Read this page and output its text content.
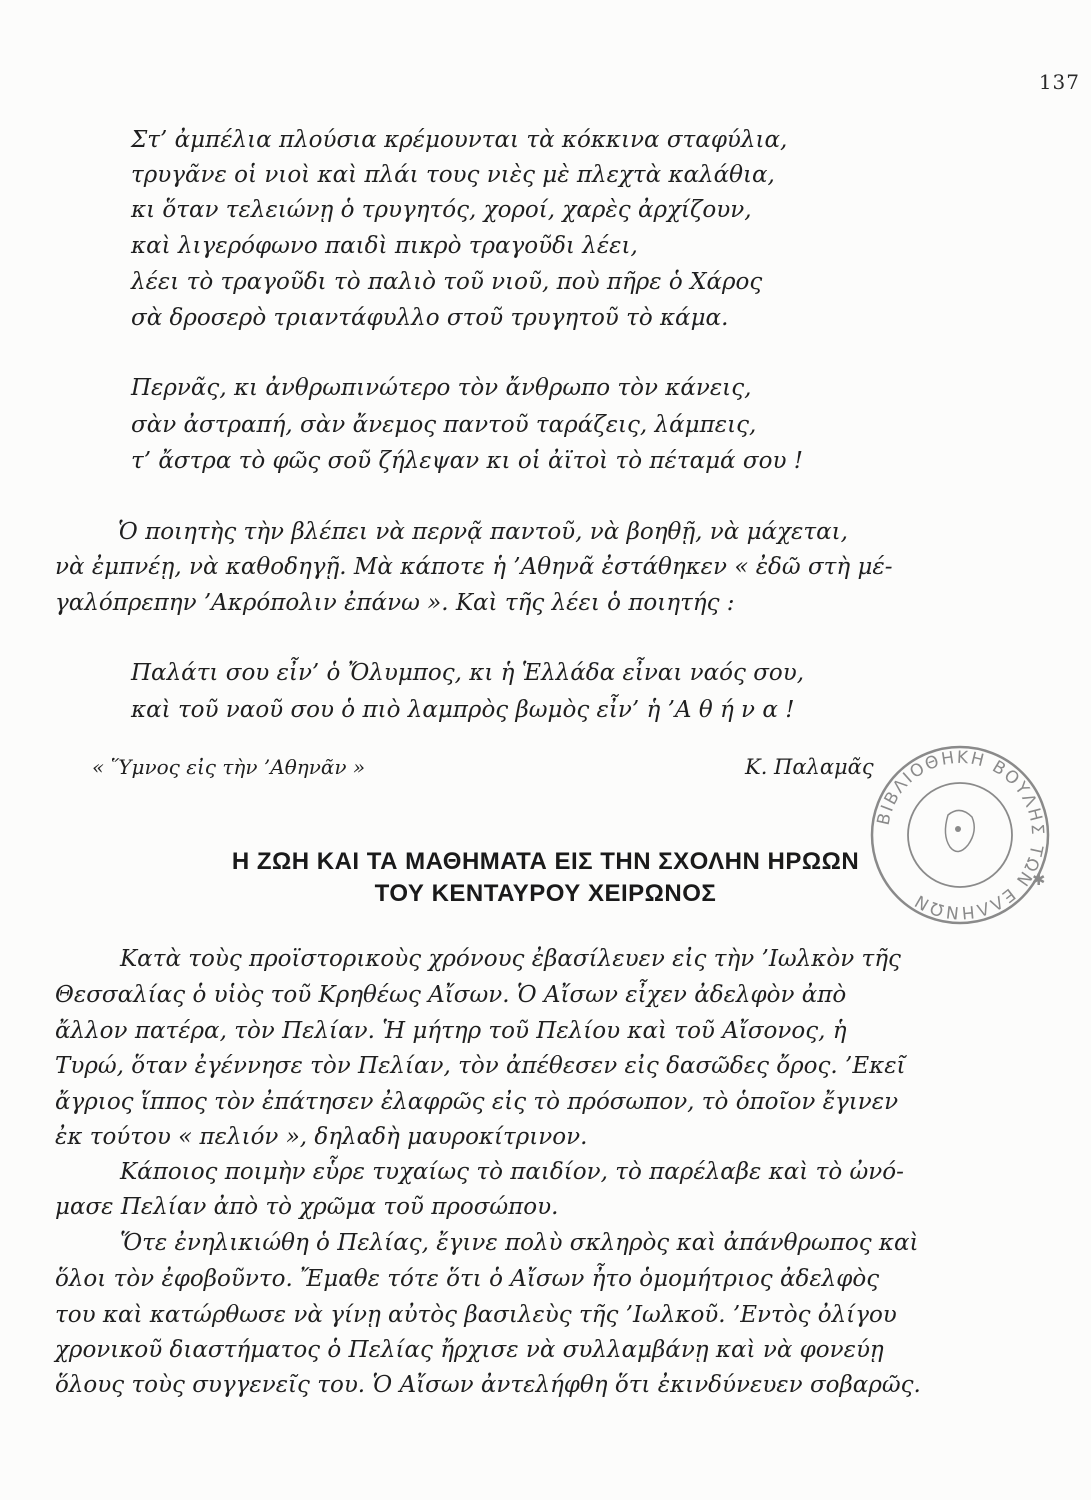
137
Στ’ ἀμπέλια πλούσια κρέμουνται τὰ κόκκινα σταφύλια,
τρυγᾶνε οἱ νιοὶ καὶ πλάι τους νιὲς μὲ πλεχτὰ καλάθια,
κι ὅταν τελειώνῃ ὁ τρυγητός, χοροί, χαρὲς ἀρχίζουν,
καὶ λιγερόφωνο παιδὶ πικρὸ τραγοῦδι λέει,
λέει τὸ τραγοῦδι τὸ παλιὸ τοῦ νιοῦ, ποὺ πῆρε ὁ Χάρος
σὰ δροσερὸ τριαντάφυλλο στοῦ τρυγητοῦ τὸ κάμα.
Περνᾶς, κι ἀνθρωπινώτερο τὸν ἄνθρωπο τὸν κάνεις,
σὰν ἀστραπή, σὰν ἄνεμος παντοῦ ταράζεις, λάμπεις,
τ’ ἄστρα τὸ φῶς σοῦ ζήλεψαν κι οἱ ἀϊτοὶ τὸ πέταμά σου !
Ὁ ποιητὴς τὴν βλέπει νὰ περνᾷ παντοῦ, νὰ βοηθῇ, νὰ μάχεται,
νὰ ἐμπνέῃ, νὰ καθοδηγῇ. Μὰ κάποτε ἡ ’Αθηνᾶ ἐστάθηκεν « ἐδῶ στὴ μέ-
γαλόπρεπην ’Ακρόπολιν ἐπάνω ». Καὶ τῆς λέει ὁ ποιητής :
Παλάτι σου εἶν’ ὁ Ὄλυμπος, κι ἡ Ἑλλάδα εἶναι ναός σου,
καὶ τοῦ ναοῦ σου ὁ πιὸ λαμπρὸς βωμὸς εἶν’ ἡ ’Α θ ή ν α !
« Ὕμνος εἰς τὴν ’Αθηνᾶν »	Κ. Παλαμᾶς
Η ΖΩΗ ΚΑΙ ΤΑ ΜΑΘΗΜΑΤΑ ΕΙΣ ΤΗΝ ΣΧΟΛΗΝ ΗΡΩΩΝ
ΤΟΥ ΚΕΝΤΑΥΡΟΥ ΧΕΙΡΩΝΟΣ
Κατὰ τοὺς προϊστορικοὺς χρόνους ἐβασίλευεν εἰς τὴν ’Ιωλκὸν τῆς
Θεσσαλίας ὁ υἱὸς τοῦ Κρηθέως Αἴσων. Ὁ Αἴσων εἶχεν ἀδελφὸν ἀπὸ
ἄλλον πατέρα, τὸν Πελίαν. Ἡ μήτηρ τοῦ Πελίου καὶ τοῦ Αἴσονος, ἡ
Τυρώ, ὅταν ἐγέννησε τὸν Πελίαν, τὸν ἀπέθεσεν εἰς δασῶδες ὄρος. ’Εκεῖ
ἄγριος ἵππος τὸν ἐπάτησεν ἐλαφρῶς εἰς τὸ πρόσωπον, τὸ ὁποῖον ἔγινεν
ἐκ τούτου « πελιόν », δηλαδὴ μαυροκίτρινον.
Κάποιος ποιμὴν εὗρε τυχαίως τὸ παιδίον, τὸ παρέλαβε καὶ τὸ ὠνό-
μασε Πελίαν ἀπὸ τὸ χρῶμα τοῦ προσώπου.
Ὅτε ἐνηλικιώθη ὁ Πελίας, ἔγινε πολὺ σκληρὸς καὶ ἀπάνθρωπος καὶ
ὅλοι τὸν ἐφοβοῦντο. Ἔμαθε τότε ὅτι ὁ Αἴσων ἦτο ὁμομήτριος ἀδελφὸς
του καὶ κατώρθωσε νὰ γίνῃ αὐτὸς βασιλεὺς τῆς ’Ιωλκοῦ. ’Εντὸς ὀλίγου
χρονικοῦ διαστήματος ὁ Πελίας ἤρχισε νὰ συλλαμβάνῃ καὶ νὰ φονεύῃ
ὅλους τοὺς συγγενεῖς του. Ὁ Αἴσων ἀντελήφθη ὅτι ἐκινδύνευεν σοβαρῶς.
ΒΙΒΛΙΟΘΗΚΗ ΒΟΥΛΗΣ ΤΩΝ ΕΛΛΗΝΩΝ
✱
